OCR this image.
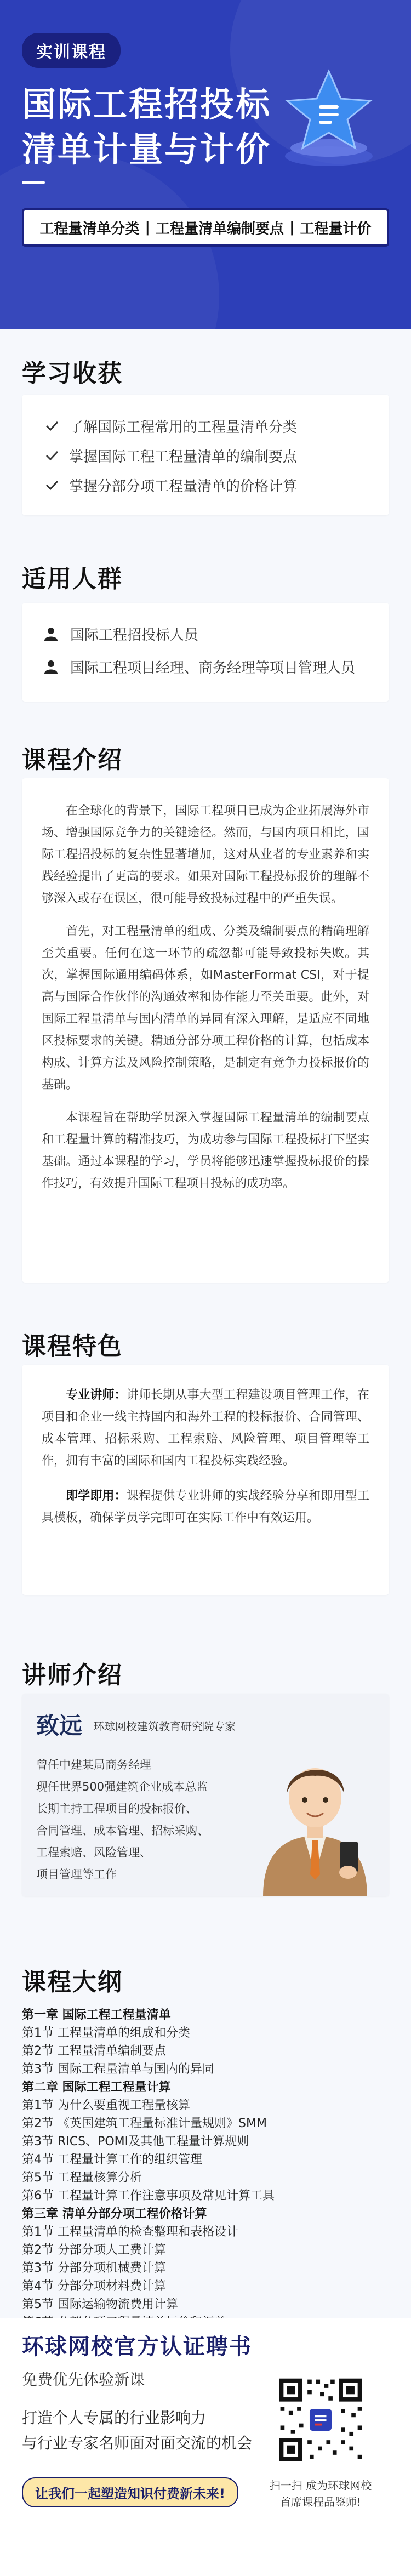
实训课程
国际工程招投标
清单计量与计价
工程量清单分类 | 工程量清单编制要点 | 工程量计价
学习收获
了解国际工程常用的工程量清单分类
掌握国际工程工程量清单的编制要点
掌握分部分项工程量清单的价格计算
适用人群
国际工程招投标人员
国际工程项目经理、商务经理等项目管理人员
课程介绍

在全球化的背景下，国际工程项目已成为企业拓展海外市场、增强国际竞争力的关键途径。然而，与国内项目相比，国际工程招投标的复杂性显著增加，这对从业者的专业素养和实践经验提出了更高的要求。如果对国际工程投标报价的理解不够深入或存在误区，很可能导致投标过程中的严重失误。

首先，对工程量清单的组成、分类及编制要点的精确理解至关重要。任何在这一环节的疏忽都可能导致投标失败。其次，掌握国际通用编码体系，如MasterFormat CSI，对于提高与国际合作伙伴的沟通效率和协作能力至关重要。此外，对国际工程量清单与国内清单的异同有深入理解，是适应不同地区投标要求的关键。精通分部分项工程价格的计算，包括成本构成、计算方法及风险控制策略，是制定有竞争力投标报价的基础。

本课程旨在帮助学员深入掌握国际工程量清单的编制要点和工程量计算的精准技巧，为成功参与国际工程投标打下坚实基础。通过本课程的学习，学员将能够迅速掌握投标报价的操作技巧，有效提升国际工程项目投标的成功率。

课程特色

专业讲师：讲师长期从事大型工程建设项目管理工作，在项目和企业一线主持国内和海外工程的投标报价、合同管理、成本管理、招标采购、工程索赔、风险管理、项目管理等工作，拥有丰富的国际和国内工程投标实践经验。

即学即用：课程提供专业讲师的实战经验分享和即用型工具模板，确保学员学完即可在实际工作中有效运用。

讲师介绍
致远 环球网校建筑教育研究院专家
曾任中建某局商务经理
现任世界500强建筑企业成本总监
长期主持工程项目的投标报价、
合同管理、成本管理、招标采购、
工程索赔、风险管理、
项目管理等工作
课程大纲
第一章 国际工程工程量清单
第1节 工程量清单的组成和分类
第2节 工程量清单编制要点
第3节 国际工程量清单与国内的异同
第二章 国际工程工程量计算
第1节 为什么要重视工程量核算
第2节 《英国建筑工程量标准计量规则》SMM
第3节 RICS、POMI及其他工程量计算规则
第4节 工程量计算工作的组织管理
第5节 工程量核算分析
第6节 工程量计算工作注意事项及常见计算工具
第三章 清单分部分项工程价格计算
第1节 工程量清单的检查整理和表格设计
第2节 分部分项人工费计算
第3节 分部分项机械费计算
第4节 分部分项材料费计算
第5节 国际运输物流费用计算
环球网校官方认证聘书
免费优先体验新课
打造个人专属的行业影响力
与行业专家名师面对面交流的机会
让我们一起塑造知识付费新未来!
扫一扫 成为环球网校
首席课程品鉴师!
